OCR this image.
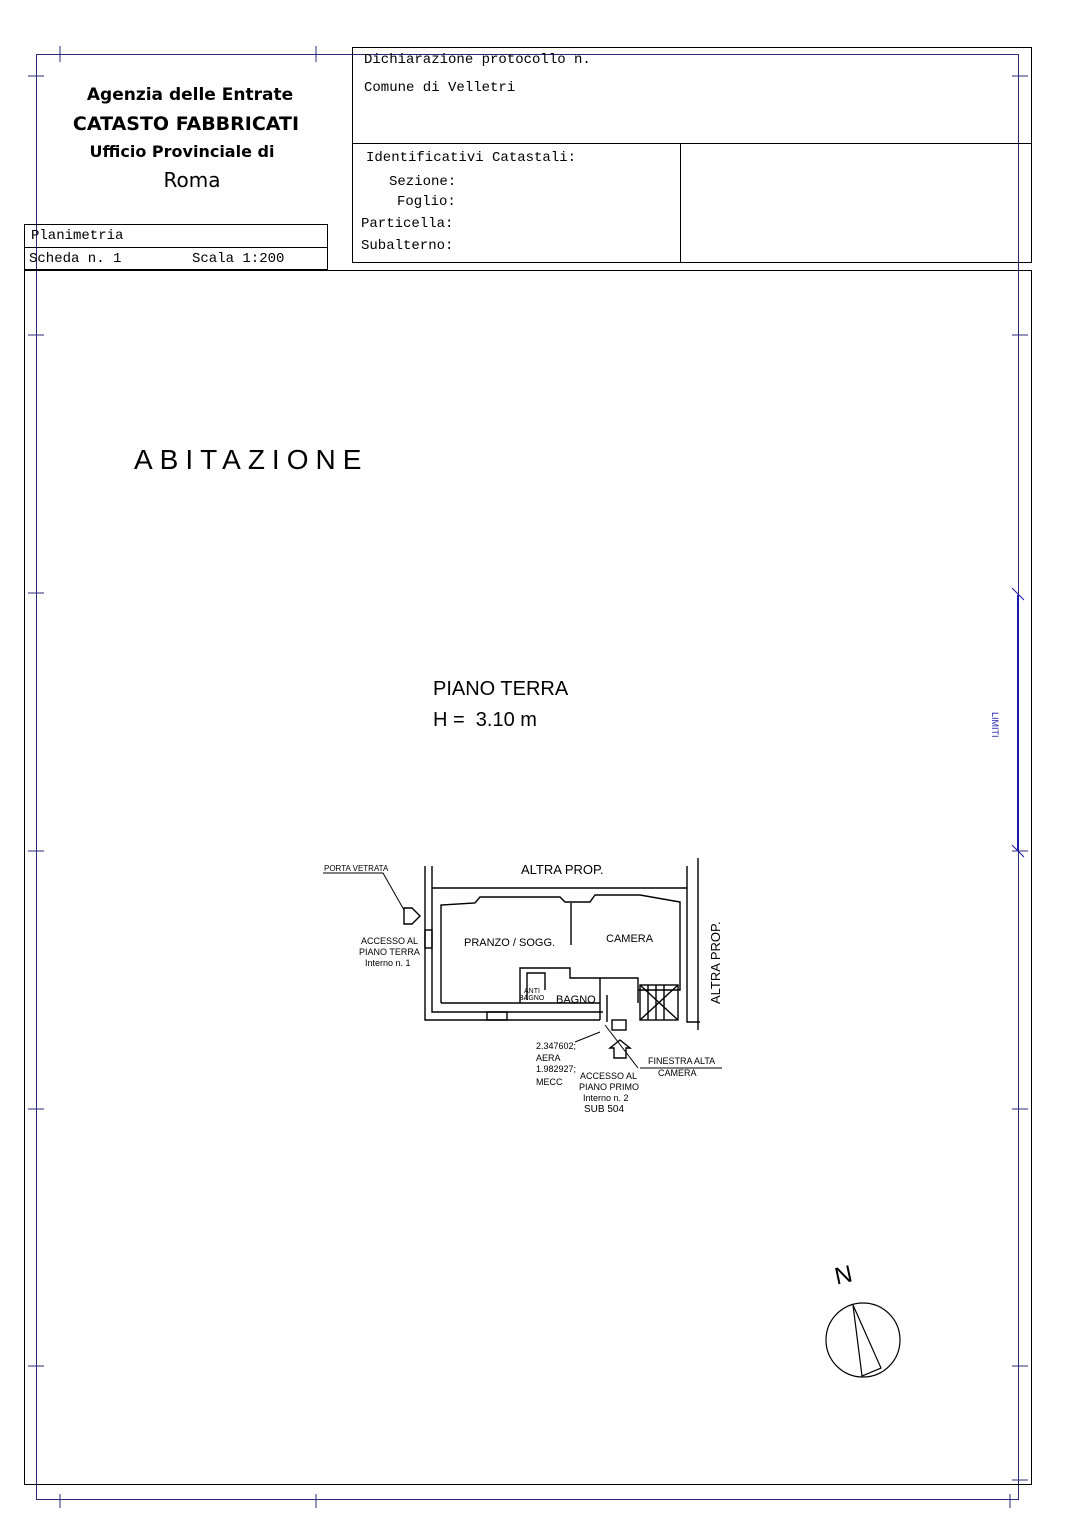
Agenzia delle Entrate
CATASTO FABBRICATI
Ufficio Provinciale di
Roma
Planimetria
Scheda n. 1	Scala 1:200
Dichiarazione protocollo n.
Comune di Velletri
Identificativi Catastali:
Sezione:
Foglio:
Particella:
Subalterno:
ABITAZIONE
PIANO TERRA
H =  3.10 m	LIMITI
ALTRA PROP.
ALTRA PROP.
PORTA VETRATA
ACCESSO AL
PIANO TERRA
Interno n. 1
PRANZO / SOGG.	CAMERA
ANTI
BAGNO BAGNO
2.347602;
AERA
1.982927;
MECC
ACCESSO AL
PIANO PRIMO
Interno n. 2
SUB 504
FINESTRA ALTA
CAMERA
N
